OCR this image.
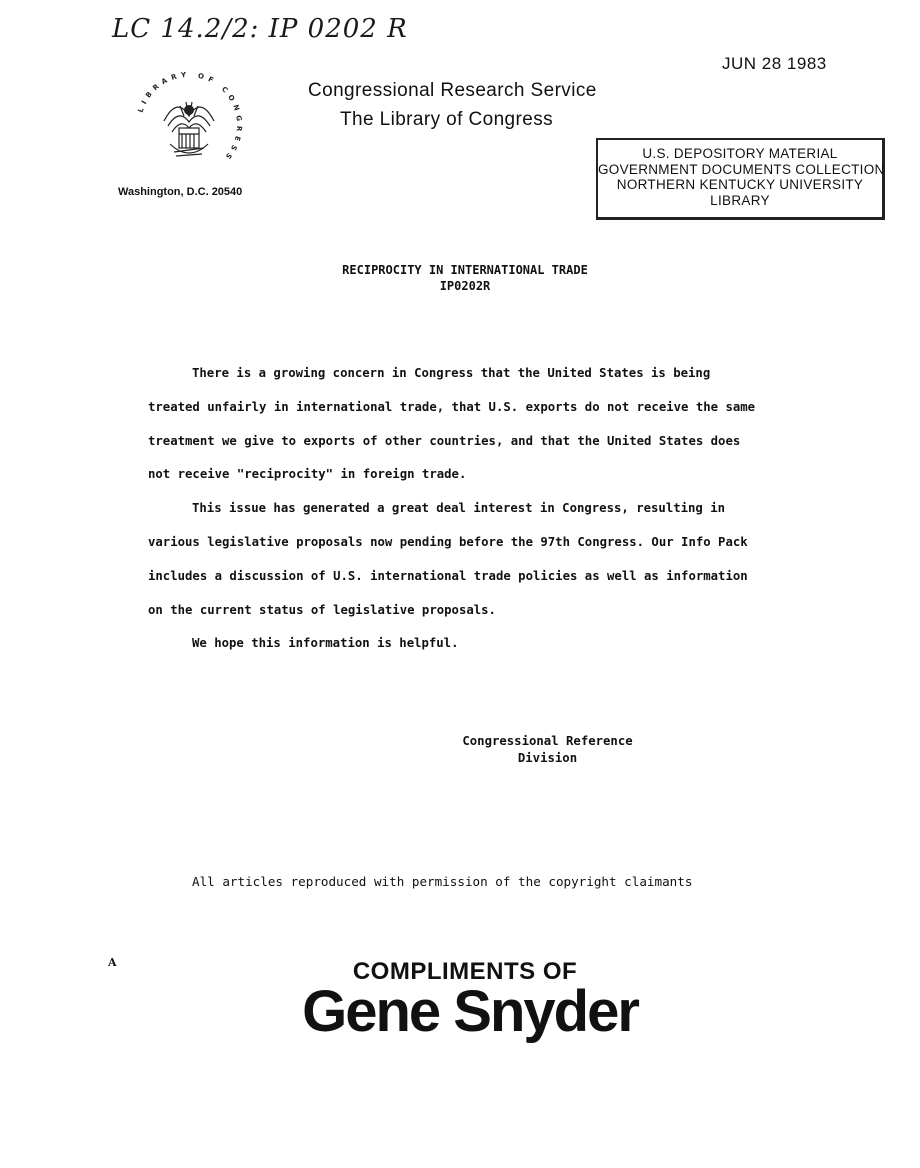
LC 14.2/2: IP 0202 R
JUN 28 1983
LIBRARY OF CONGRESS
Congressional Research Service
The Library of Congress
Washington, D.C. 20540
U.S. DEPOSITORY MATERIAL
GOVERNMENT DOCUMENTS COLLECTION
NORTHERN KENTUCKY UNIVERSITY
LIBRARY
RECIPROCITY IN INTERNATIONAL TRADE
IP0202R

There is a growing concern in Congress that the United States is being treated unfairly in international trade, that U.S. exports do not receive the same treatment we give to exports of other countries, and that the United States does not receive "reciprocity" in foreign trade.

This issue has generated a great deal interest in Congress, resulting in various legislative proposals now pending before the 97th Congress. Our Info Pack includes a discussion of U.S. international trade policies as well as information on the current status of legislative proposals.

We hope this information is helpful.

Congressional Reference
Division
All articles reproduced with permission of the copyright claimants
A	COMPLIMENTS OF
Gene Snyder
